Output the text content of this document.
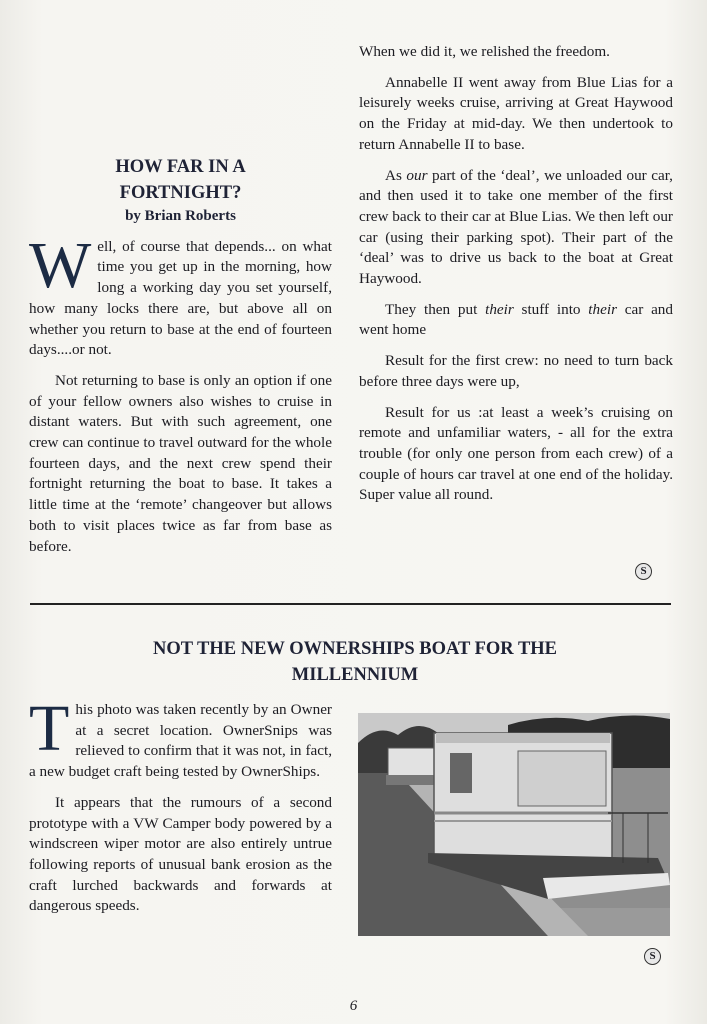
HOW FAR IN A
FORTNIGHT?
by Brian Roberts

Well, of course that depends... on what time you get up in the morning, how long a working day you set yourself, how many locks there are, but above all on whether you return to base at the end of fourteen days....or not.

Not returning to base is only an option if one of your fellow owners also wishes to cruise in distant waters. But with such agreement, one crew can continue to travel outward for the whole fourteen days, and the next crew spend their fortnight returning the boat to base. It takes a little time at the ‘remote’ changeover but allows both to visit places twice as far from base as before.

When we did it, we relished the freedom.

Annabelle II went away from Blue Lias for a leisurely weeks cruise, arriving at Great Haywood on the Friday at mid-day. We then undertook to return Annabelle II to base.

As our part of the ‘deal’, we unloaded our car, and then used it to take one member of the first crew back to their car at Blue Lias. We then left our car (using their parking spot). Their part of the ‘deal’ was to drive us back to the boat at Great Haywood.

They then put their stuff into their car and went home

Result for the first crew: no need to turn back before three days were up,

Result for us :at least a week’s cruising on remote and unfamiliar waters, - all for the extra trouble (for only one person from each crew) of a couple of hours car travel at one end of the holiday. Super value all round.

S
NOT THE NEW OWNERSHIPS BOAT FOR THE
MILLENNIUM

This photo was taken recently by an Owner at a secret location. OwnerSnips was relieved to confirm that it was not, in fact, a new budget craft being tested by OwnerShips.

It appears that the rumours of a second prototype with a VW Camper body powered by a windscreen wiper motor are also entirely untrue following reports of unusual bank erosion as the craft lurched backwards and forwards at dangerous speeds.

S
6
